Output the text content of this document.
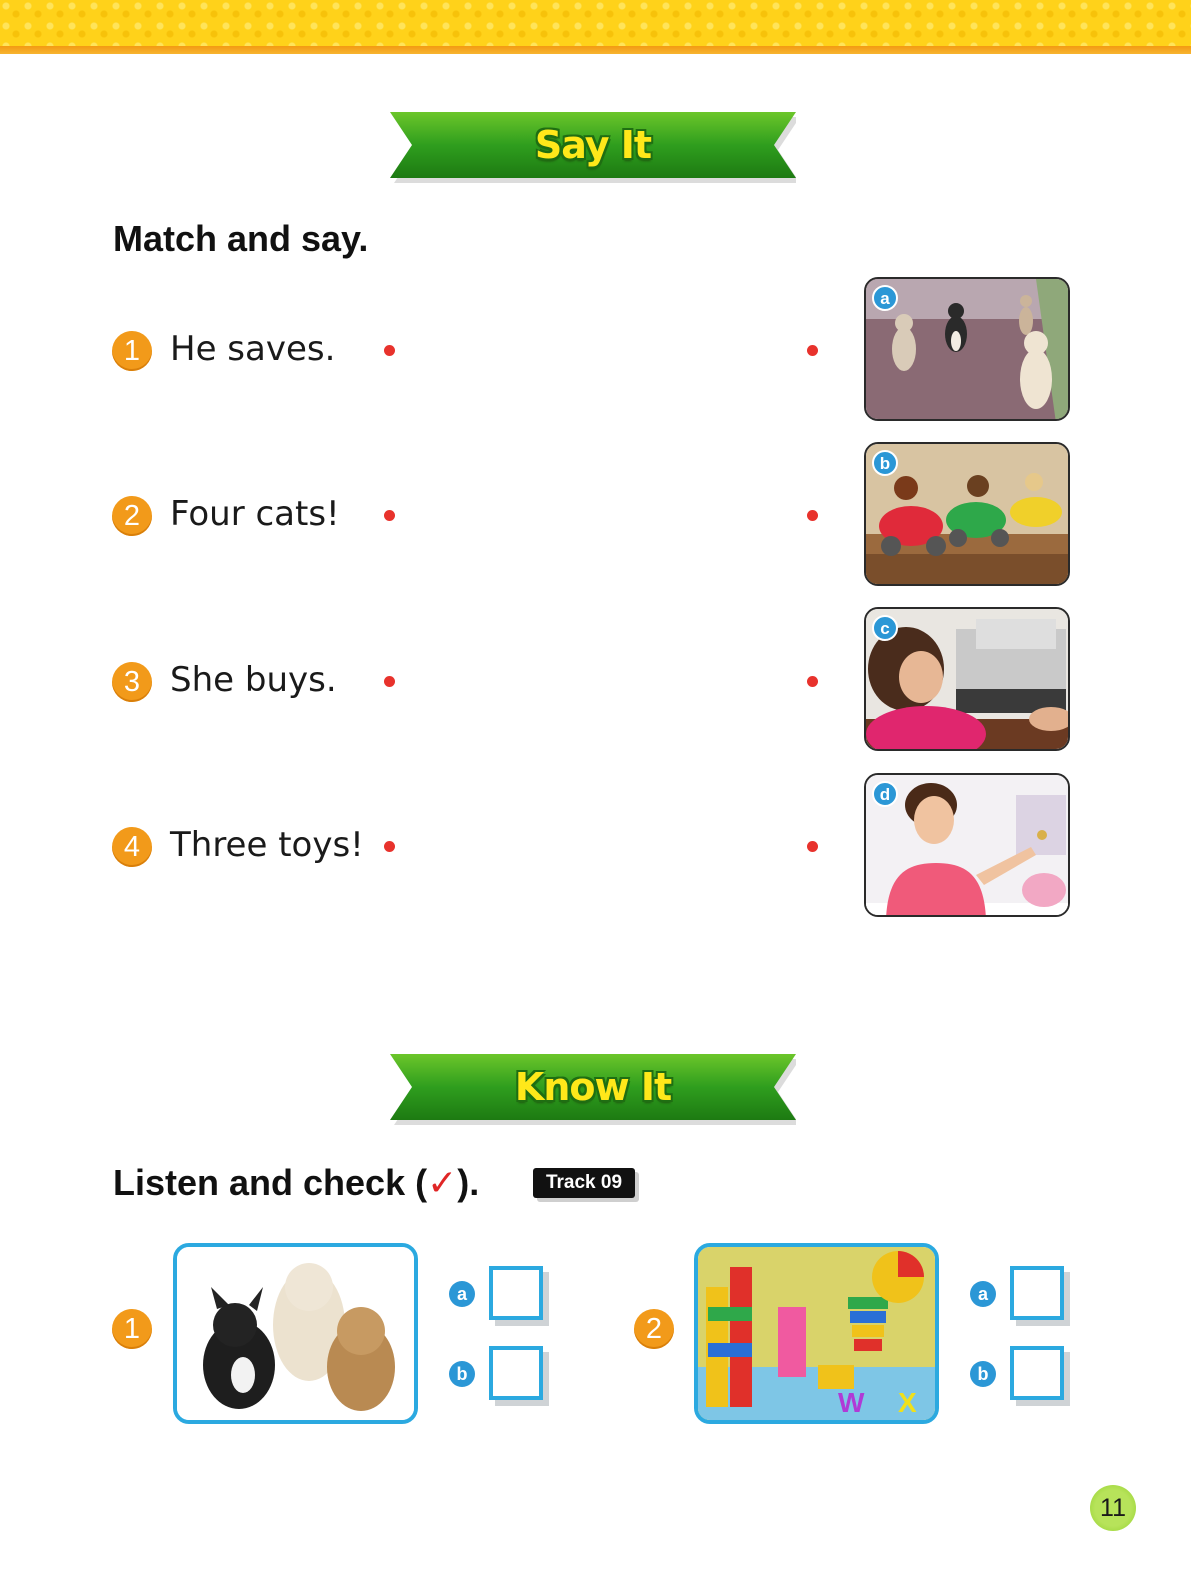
Say It
Match and say.
1 He saves.
2 Four cats!
3 She buys.
4 Three toys!
a
b
c
d
Know It
Listen and check (✓).	Track 09
1
a
b
2
W X
a
b
11
